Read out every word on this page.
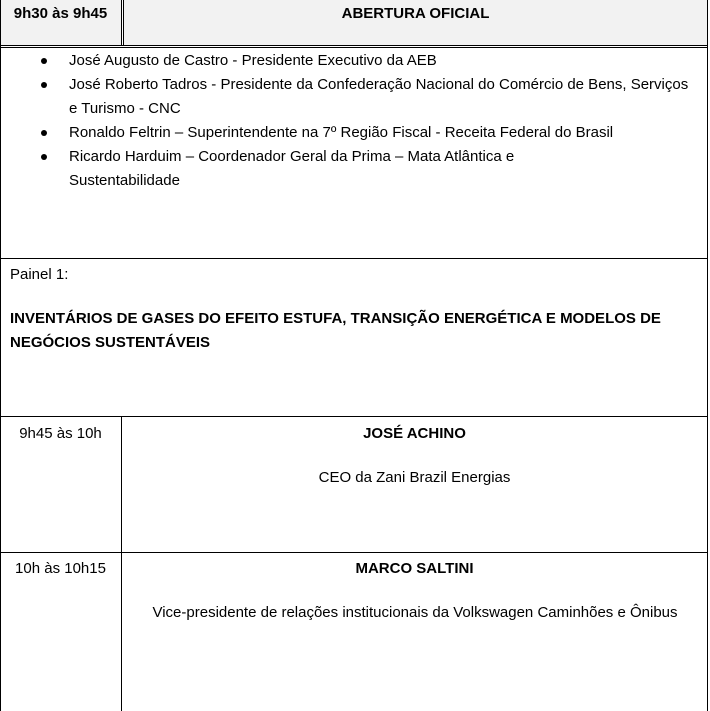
9h30 às 9h45	ABERTURA OFICIAL
José Augusto de Castro - Presidente Executivo da AEB
José Roberto Tadros - Presidente da Confederação Nacional do Comércio de Bens, Serviços e Turismo - CNC
Ronaldo Feltrin – Superintendente na 7º Região Fiscal - Receita Federal do Brasil
Ricardo Harduim – Coordenador Geral da Prima – Mata Atlântica e Sustentabilidade
Painel 1:
INVENTÁRIOS DE GASES DO EFEITO ESTUFA, TRANSIÇÃO ENERGÉTICA E MODELOS DE NEGÓCIOS SUSTENTÁVEIS
9h45 às 10h	JOSÉ ACHINO
CEO da Zani Brazil Energias
10h às 10h15	MARCO SALTINI
Vice-presidente de relações institucionais da Volkswagen Caminhões e Ônibus
